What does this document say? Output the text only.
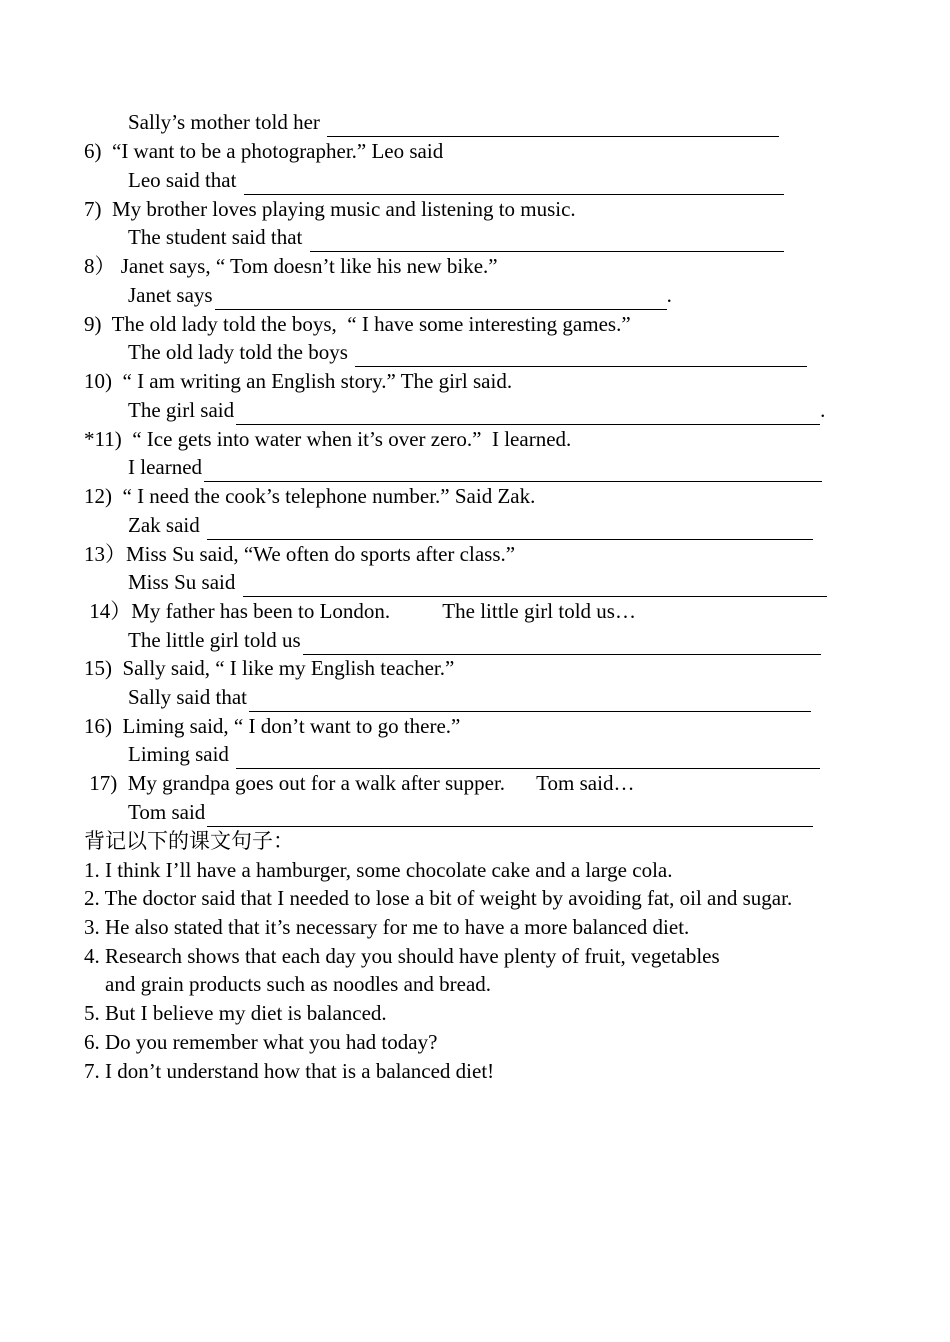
Sally’s mother told her

6)  “I want to be a photographer.” Leo said

Leo said that

7)  My brother loves playing music and listening to music.

The student said that

8） Janet says, “ Tom doesn’t like his new bike.”

Janet says	.

9)  The old lady told the boys,  “ I have some interesting games.”

The old lady told the boys

10)  “ I am writing an English story.” The girl said.

The girl said	.

*11)  “ Ice gets into water when it’s over zero.”  I learned.

I learned

12)  “ I need the cook’s telephone number.” Said Zak.

Zak said

13）Miss Su said, “We often do sports after class.”

Miss Su said

14）My father has been to London.          The little girl told us…

The little girl told us

15)  Sally said, “ I like my English teacher.”

Sally said that

16)  Liming said, “ I don’t want to go there.”

Liming said

17)  My grandpa goes out for a walk after supper.      Tom said…

Tom said

背记以下的课文句子：

1. I think I’ll have a hamburger, some chocolate cake and a large cola.

2. The doctor said that I needed to lose a bit of weight by avoiding fat, oil and sugar.

3. He also stated that it’s necessary for me to have a more balanced diet.

4. Research shows that each day you should have plenty of fruit, vegetables

and grain products such as noodles and bread.

5. But I believe my diet is balanced.

6. Do you remember what you had today?

7. I don’t understand how that is a balanced diet!
